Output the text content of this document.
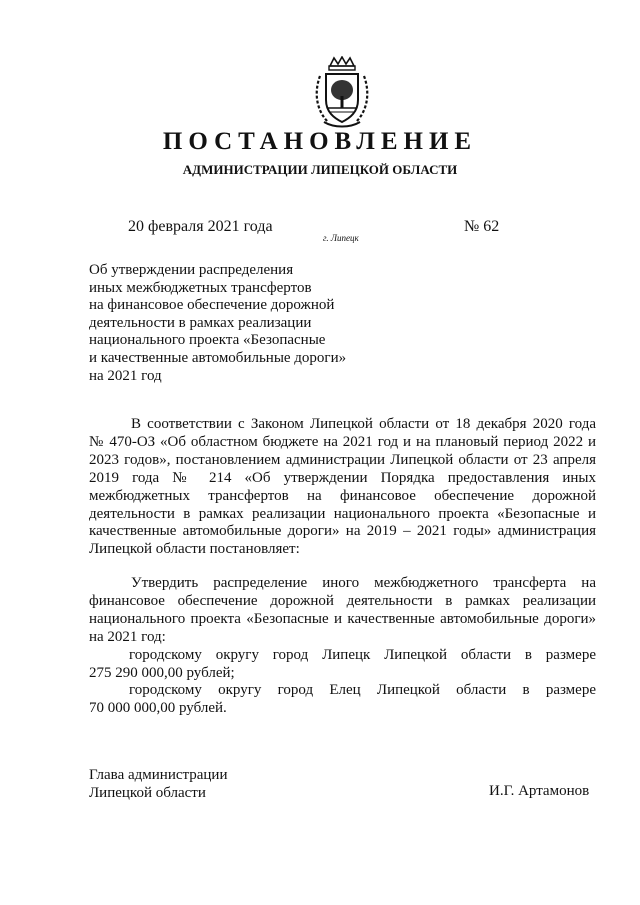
ПОСТАНОВЛЕНИЕ
АДМИНИСТРАЦИИ ЛИПЕЦКОЙ ОБЛАСТИ
20 февраля 2021 года
г. Липецк
№ 62
Об утверждении распределения
иных межбюджетных трансфертов
на финансовое обеспечение дорожной
деятельности в рамках реализации
национального проекта «Безопасные
и качественные автомобильные дороги»
на 2021 год
В соответствии с Законом Липецкой области от 18 декабря 2020 года
№ 470-ОЗ «Об областном бюджете на 2021 год и на плановый период 2022 и
2023 годов», постановлением администрации Липецкой области от 23 апреля
2019 года № 214 «Об утверждении Порядка предоставления иных
межбюджетных трансфертов на финансовое обеспечение дорожной
деятельности в рамках реализации национального проекта «Безопасные и
качественные автомобильные дороги» на 2019 – 2021 годы» администрация
Липецкой области постановляет:
Утвердить распределение иного межбюджетного трансферта на
финансовое обеспечение дорожной деятельности в рамках реализации
национального проекта «Безопасные и качественные автомобильные дороги»
на 2021 год:
городскому округу город Липецк Липецкой области в размере
275 290 000,00 рублей;
городскому округу город Елец Липецкой области в размере
70 000 000,00 рублей.
Глава администрации
Липецкой области	И.Г. Артамонов
